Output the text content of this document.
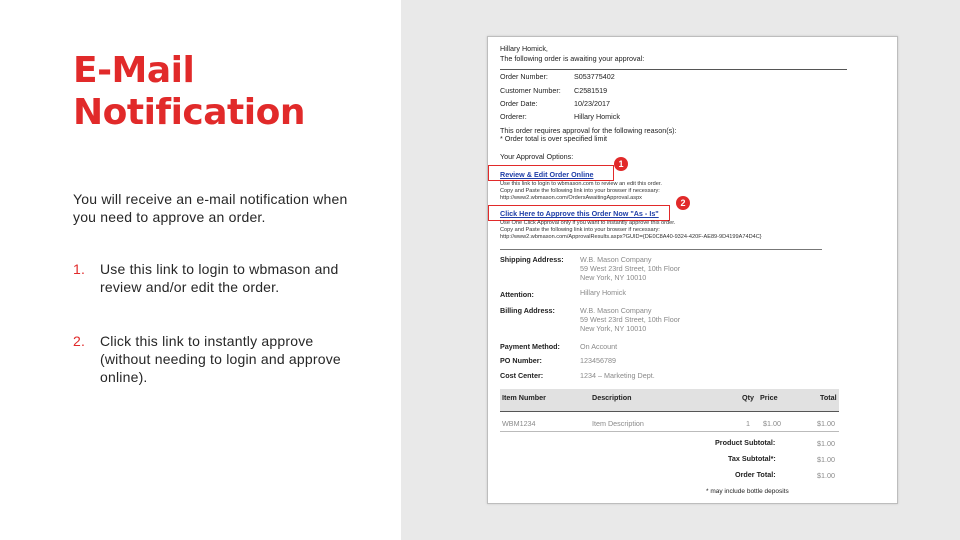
E-Mail
Notification

You will receive an e-mail notification when you need to approve an order.

1. Use this link to login to wbmason and review and/or edit the order.
2. Click this link to instantly approve (without needing to login and approve online).
Hillary Homick,
The following order is awaiting your approval:
Order Number:	S053775402
Customer Number: C2581519
Order Date:	10/23/2017
Orderer:	Hillary Homick
This order requires approval for the following reason(s):
* Order total is over specified limit
Your Approval Options:
1
Review & Edit Order Online
Use this link to login to wbmason.com to review an edit this order.
Copy and Paste the following link into your browser if necessary:
http://www2.wbmason.com/OrdersAwaitingApproval.aspx	2
Click Here to Approve this Order Now "As - Is"
Use One Click Approval only if you want to instantly approve this order.
Copy and Paste the following link into your browser if necessary:
http://www2.wbmason.com/ApprovalResults.aspx?GUID={DE0C8A40-9324-420F-AE89-9D4199A74D4C}
Shipping Address: W.B. Mason Company
59 West 23rd Street, 10th Floor
New York, NY 10010
Attention:	Hillary Homick
Billing Address:	W.B. Mason Company
59 West 23rd Street, 10th Floor
New York, NY 10010
Payment Method:	On Account
PO Number:	123456789
Cost Center:	1234 – Marketing Dept.
Item Number	Description	Qty Price	Total
WBM1234	Item Description	1 $1.00	$1.00
Product Subtotal:	$1.00
Tax Subtotal*:	$1.00
Order Total:	$1.00
* may include bottle deposits
